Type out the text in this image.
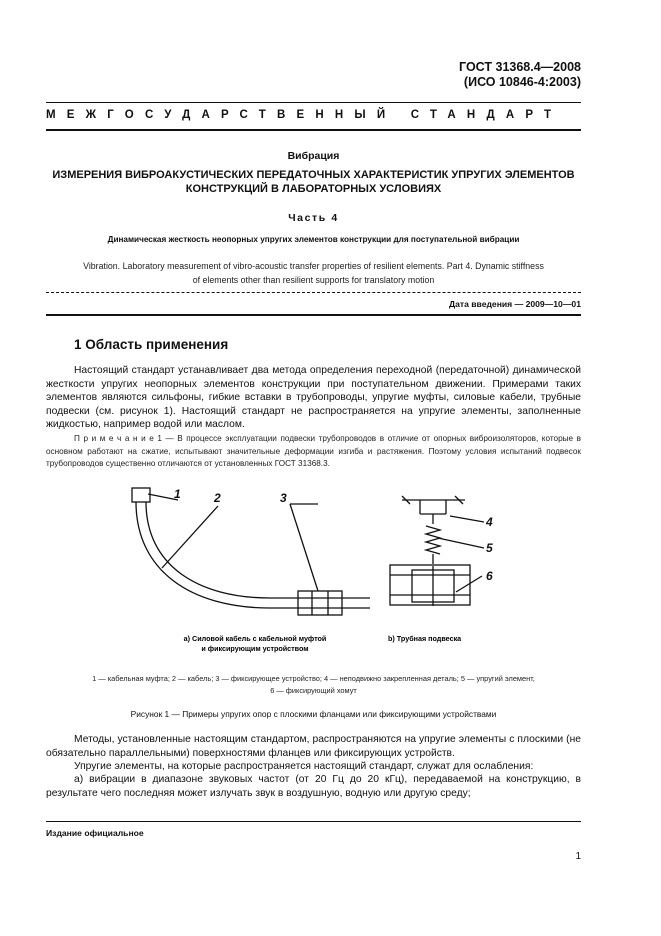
ГОСТ 31368.4—2008
(ИСО 10846-4:2003)
МЕЖГОСУДАРСТВЕННЫЙ СТАНДАРТ
Вибрация
ИЗМЕРЕНИЯ ВИБРОАКУСТИЧЕСКИХ ПЕРЕДАТОЧНЫХ ХАРАКТЕРИСТИК УПРУГИХ ЭЛЕМЕНТОВ КОНСТРУКЦИЙ В ЛАБОРАТОРНЫХ УСЛОВИЯХ
Часть 4
Динамическая жесткость неопорных упругих элементов конструкции для поступательной вибрации
Vibration. Laboratory measurement of vibro-acoustic transfer properties of resilient elements. Part 4. Dynamic stiffness
of elements other than resilient supports for translatory motion
Дата введения — 2009—10—01
1 Область применения
Настоящий стандарт устанавливает два метода определения переходной (передаточной) динамической жесткости упругих неопорных элементов конструкции при поступательном движении. Примерами таких элементов являются сильфоны, гибкие вставки в трубопроводы, упругие муфты, силовые кабели, трубные подвески (см. рисунок 1). Настоящий стандарт не распространяется на упругие элементы, заполненные жидкостью, например водой или маслом.
П р и м е ч а н и е 1 — В процессе эксплуатации подвески трубопроводов в отличие от опорных виброизоляторов, которые в основном работают на сжатие, испытывают значительные деформации изгиба и растяжения. Поэтому условия испытаний подвесок трубопроводов существенно отличаются от установленных ГОСТ 31368.3.
1	2	3
4
5
6
а) Силовой кабель с кабельной муфтой
и фиксирующим устройством
b) Трубная подвеска
1 — кабельная муфта; 2 — кабель; 3 — фиксирующее устройство; 4 — неподвижно закрепленная деталь; 5 — упругий элемент,
6 — фиксирующий хомут
Рисунок 1 — Примеры упругих опор с плоскими фланцами или фиксирующими устройствами
Методы, установленные настоящим стандартом, распространяются на упругие элементы с плоскими (не обязательно параллельными) поверхностями фланцев или фиксирующих устройств.
Упругие элементы, на которые распространяется настоящий стандарт, служат для ослабления:
а) вибрации в диапазоне звуковых частот (от 20 Гц до 20 кГц), передаваемой на конструкцию, в результате чего последняя может излучать звук в воздушную, водную или другую среду;
Издание официальное
1
